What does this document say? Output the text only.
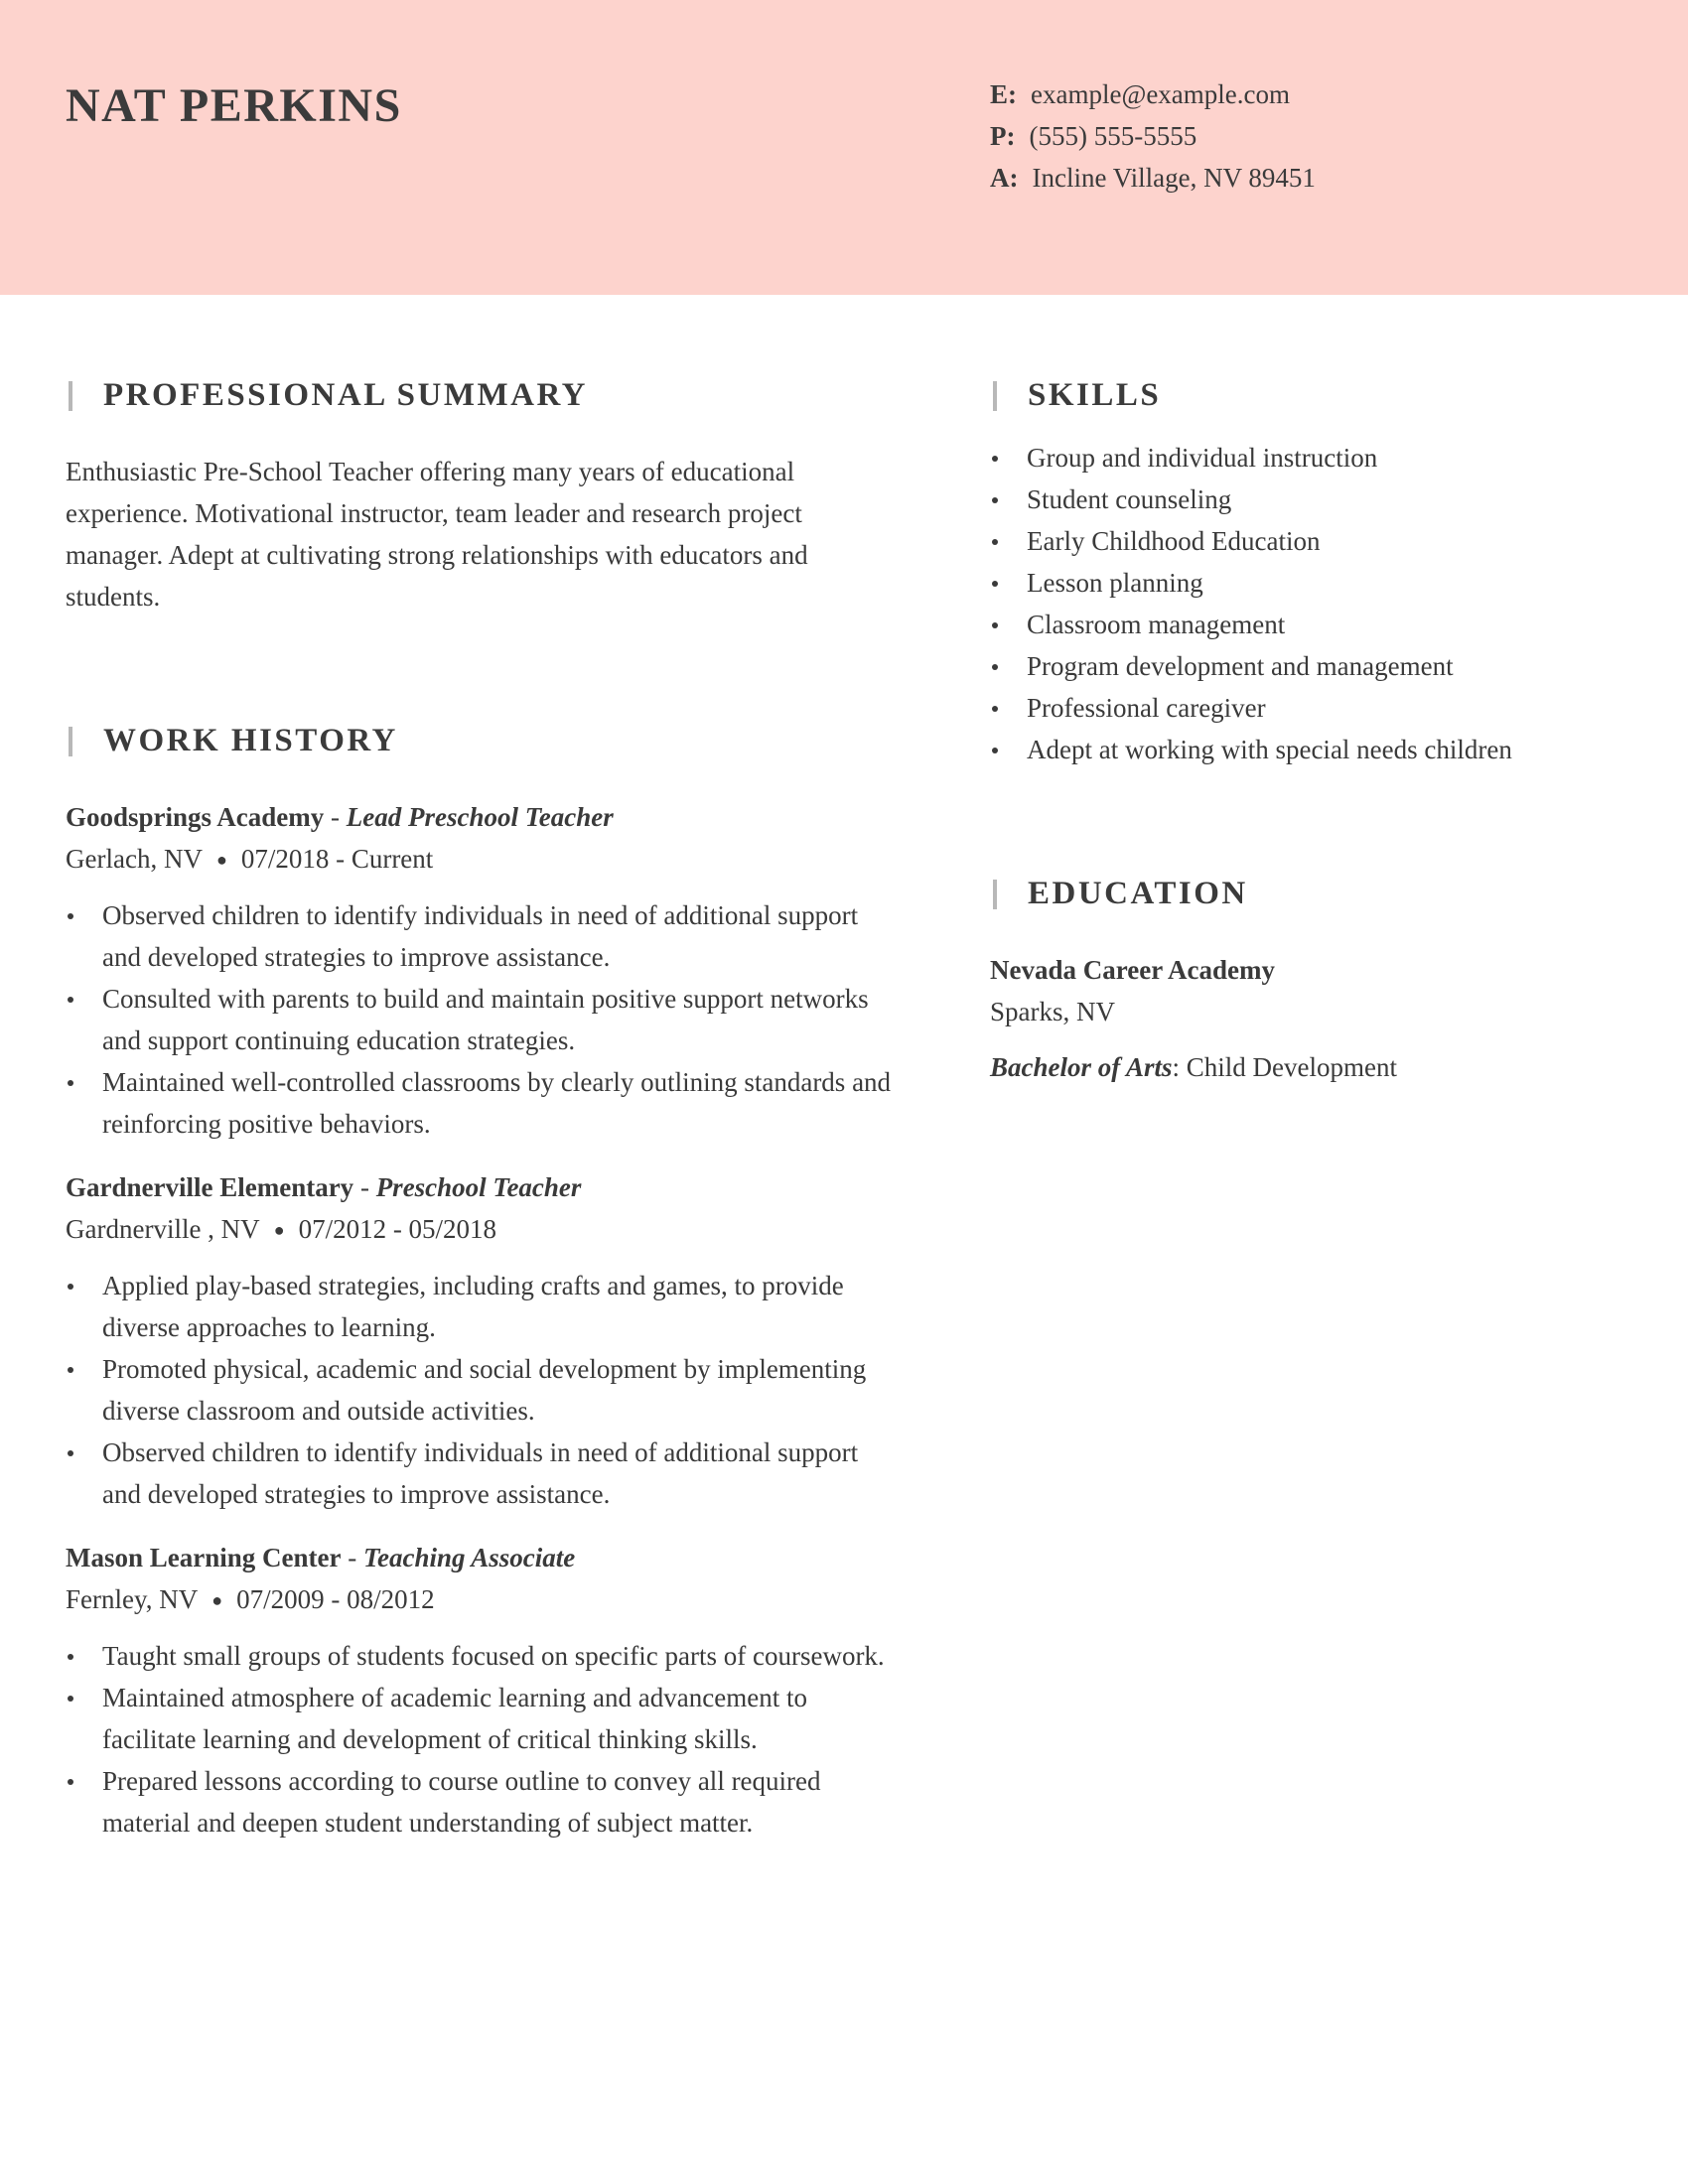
NAT PERKINS	E: example@example.com
P: (555) 555-5555
A: Incline Village, NV 89451
PROFESSIONAL SUMMARY

Enthusiastic Pre-School Teacher offering many years of educational experience. Motivational instructor, team leader and research project manager. Adept at cultivating strong relationships with educators and students.

WORK HISTORY
Goodsprings Academy - Lead Preschool Teacher
Gerlach, NV ● 07/2018 - Current
Observed children to identify individuals in need of additional support and developed strategies to improve assistance.
Consulted with parents to build and maintain positive support networks and support continuing education strategies.
Maintained well-controlled classrooms by clearly outlining standards and reinforcing positive behaviors.
Gardnerville Elementary - Preschool Teacher
Gardnerville , NV ● 07/2012 - 05/2018
Applied play-based strategies, including crafts and games, to provide diverse approaches to learning.
Promoted physical, academic and social development by implementing diverse classroom and outside activities.
Observed children to identify individuals in need of additional support and developed strategies to improve assistance.
Mason Learning Center - Teaching Associate
Fernley, NV ● 07/2009 - 08/2012
Taught small groups of students focused on specific parts of coursework.
Maintained atmosphere of academic learning and advancement to facilitate learning and development of critical thinking skills.
Prepared lessons according to course outline to convey all required material and deepen student understanding of subject matter.
SKILLS
Group and individual instruction
Student counseling
Early Childhood Education
Lesson planning
Classroom management
Program development and management
Professional caregiver
Adept at working with special needs children
EDUCATION
Nevada Career Academy
Sparks, NV
Bachelor of Arts: Child Development
